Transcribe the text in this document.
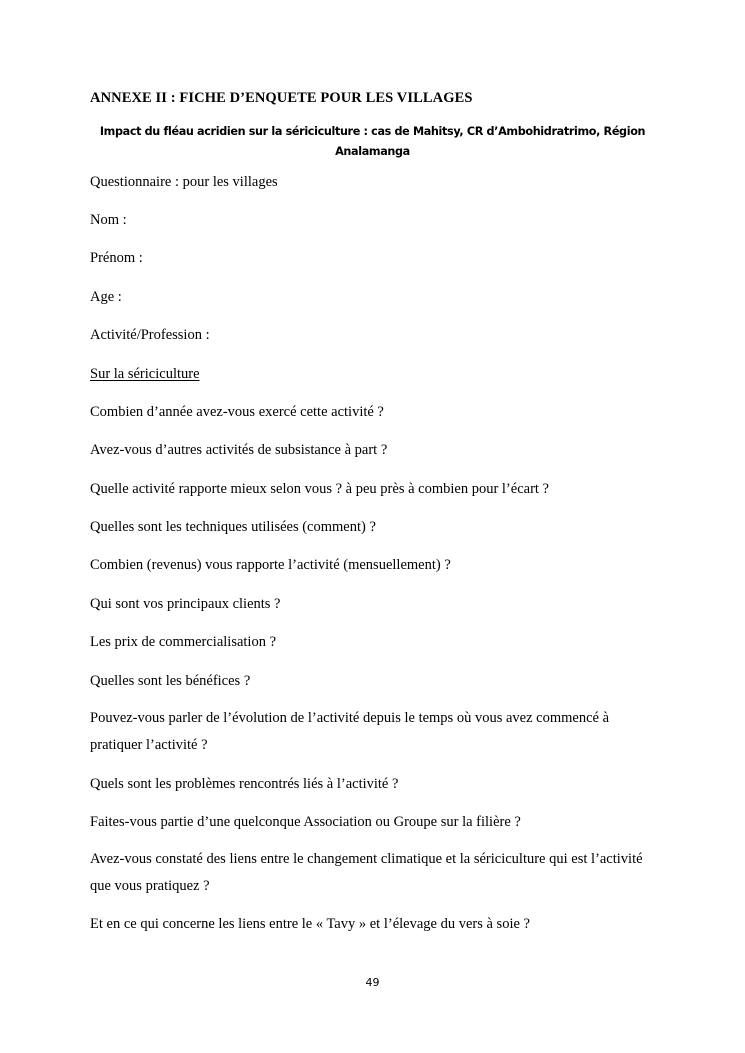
ANNEXE II : FICHE D’ENQUETE POUR LES VILLAGES
Impact du fléau acridien sur la sériciculture : cas de Mahitsy, CR d’Ambohidratrimo, Région Analamanga
Questionnaire : pour les villages
Nom :
Prénom :
Age :
Activité/Profession :
Sur la sériciculture
Combien d’année avez-vous exercé cette activité ?
Avez-vous d’autres activités de subsistance à part ?
Quelle activité rapporte mieux selon vous ? à peu près à combien pour l’écart ?
Quelles sont les techniques utilisées (comment) ?
Combien (revenus) vous rapporte l’activité (mensuellement) ?
Qui sont vos principaux clients ?
Les prix de commercialisation ?
Quelles sont les bénéfices ?
Pouvez-vous parler de l’évolution de l’activité depuis le temps où vous avez commencé à pratiquer l’activité ?
Quels sont les problèmes rencontrés liés à l’activité ?
Faites-vous partie d’une quelconque Association ou Groupe sur la filière ?
Avez-vous constaté des liens entre le changement climatique et la sériciculture qui est l’activité que vous pratiquez ?
Et en ce qui concerne les liens entre le « Tavy » et l’élevage du vers à soie ?
49
